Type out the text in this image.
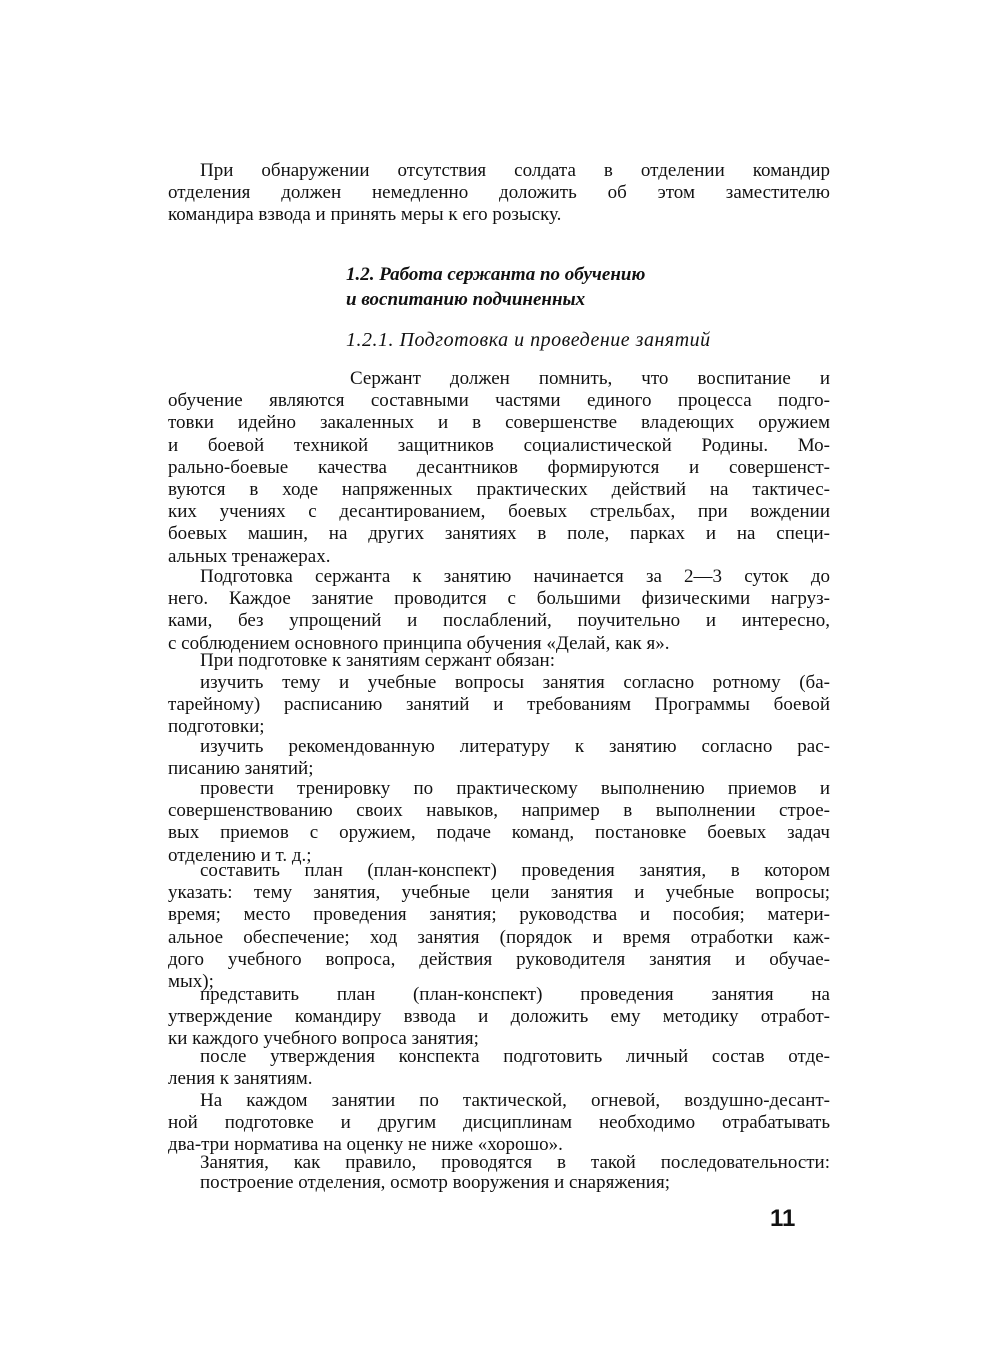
При обнаружении отсутствия солдата в отделении командир
отделения должен немедленно доложить об этом заместителю
командира взвода и принять меры к его розыску.
1.2. Работа сержанта по обучению
и воспитанию подчиненных
1.2.1. Подготовка и проведение занятий
Сержант должен помнить, что воспитание и
обучение являются составными частями единого процесса подго-
товки идейно закаленных и в совершенстве владеющих оружием
и боевой техникой защитников социалистической Родины. Мо-
рально-боевые качества десантников формируются и совершенст-
вуются в ходе напряженных практических действий на тактичес-
ких учениях с десантированием, боевых стрельбах, при вождении
боевых машин, на других занятиях в поле, парках и на специ-
альных тренажерах.
Подготовка сержанта к занятию начинается за 2—3 суток до
него. Каждое занятие проводится с большими физическими нагруз-
ками, без упрощений и послаблений, поучительно и интересно,
с соблюдением основного принципа обучения «Делай, как я».
При подготовке к занятиям сержант обязан:
изучить тему и учебные вопросы занятия согласно ротному (ба-
тарейному) расписанию занятий и требованиям Программы боевой
подготовки;
изучить рекомендованную литературу к занятию согласно рас-
писанию занятий;
провести тренировку по практическому выполнению приемов и
совершенствованию своих навыков, например в выполнении строе-
вых приемов с оружием, подаче команд, постановке боевых задач
отделению и т. д.;
составить план (план-конспект) проведения занятия, в котором
указать: тему занятия, учебные цели занятия и учебные вопросы;
время; место проведения занятия; руководства и пособия; матери-
альное обеспечение; ход занятия (порядок и время отработки каж-
дого учебного вопроса, действия руководителя занятия и обучае-
мых);
представить план (план-конспект) проведения занятия на
утверждение командиру взвода и доложить ему методику отработ-
ки каждого учебного вопроса занятия;
после утверждения конспекта подготовить личный состав отде-
ления к занятиям.
На каждом занятии по тактической, огневой, воздушно-десант-
ной подготовке и другим дисциплинам необходимо отрабатывать
два-три норматива на оценку не ниже «хорошо».
Занятия, как правило, проводятся в такой последовательности:
построение отделения, осмотр вооружения и снаряжения;
11
